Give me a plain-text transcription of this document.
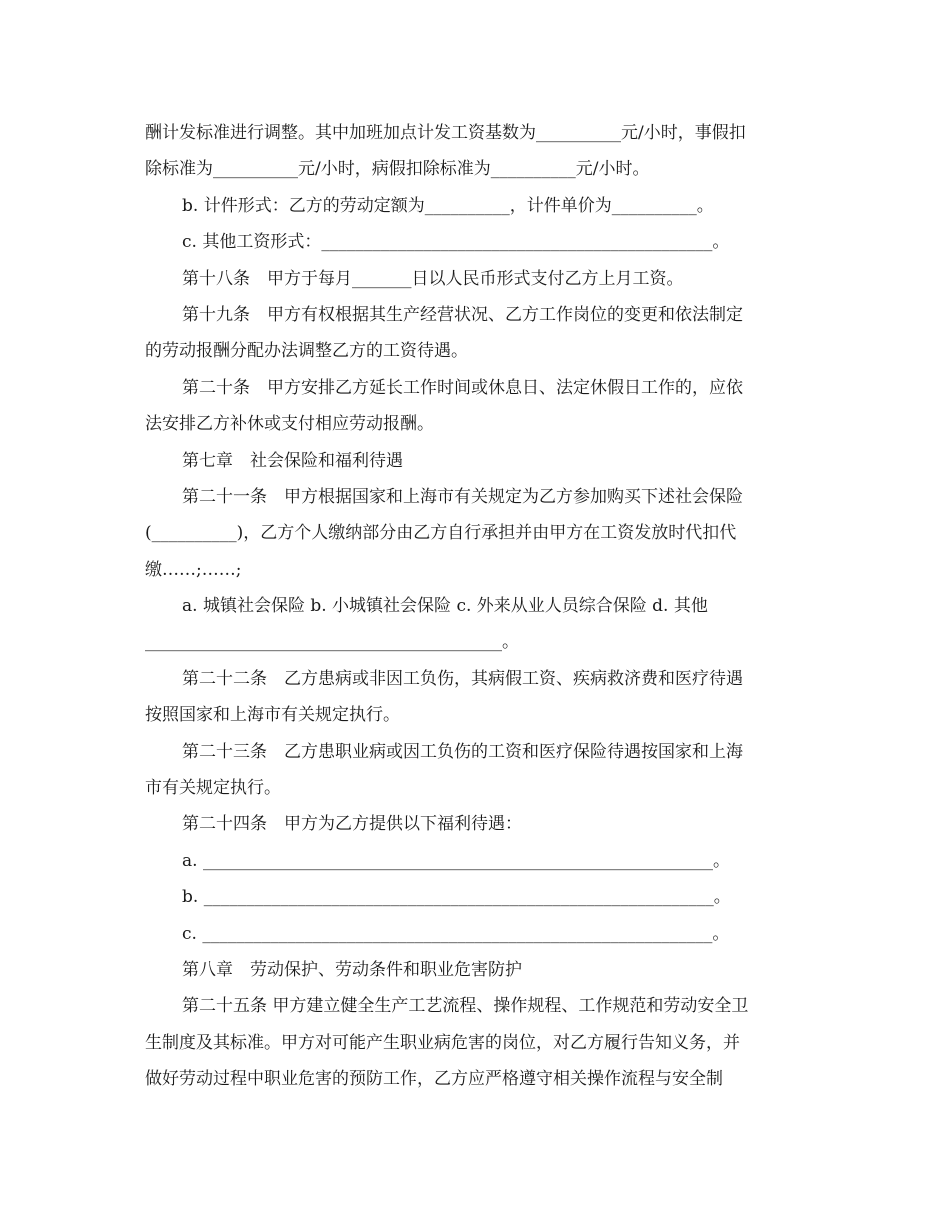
酬计发标准进行调整。其中加班加点计发工资基数为__________元/小时，事假扣
除标准为__________元/小时，病假扣除标准为__________元/小时。
b. 计件形式：乙方的劳动定额为__________，计件单价为__________。
c. 其他工资形式：______________________________________________。
第十八条　甲方于每月_______日以人民币形式支付乙方上月工资。
第十九条　甲方有权根据其生产经营状况、乙方工作岗位的变更和依法制定
的劳动报酬分配办法调整乙方的工资待遇。
第二十条　甲方安排乙方延长工作时间或休息日、法定休假日工作的，应依
法安排乙方补休或支付相应劳动报酬。
第七章　社会保险和福利待遇
第二十一条　甲方根据国家和上海市有关规定为乙方参加购买下述社会保险
(__________)，乙方个人缴纳部分由乙方自行承担并由甲方在工资发放时代扣代
缴……;……;
a. 城镇社会保险 b. 小城镇社会保险 c. 外来从业人员综合保险 d. 其他
__________________________________________。
第二十二条　乙方患病或非因工负伤，其病假工资、疾病救济费和医疗待遇
按照国家和上海市有关规定执行。
第二十三条　乙方患职业病或因工负伤的工资和医疗保险待遇按国家和上海
市有关规定执行。
第二十四条　甲方为乙方提供以下福利待遇：
a. ____________________________________________________________。
b. ____________________________________________________________。
c. ____________________________________________________________。
第八章　劳动保护、劳动条件和职业危害防护
第二十五条 甲方建立健全生产工艺流程、操作规程、工作规范和劳动安全卫
生制度及其标准。甲方对可能产生职业病危害的岗位，对乙方履行告知义务，并
做好劳动过程中职业危害的预防工作，乙方应严格遵守相关操作流程与安全制
